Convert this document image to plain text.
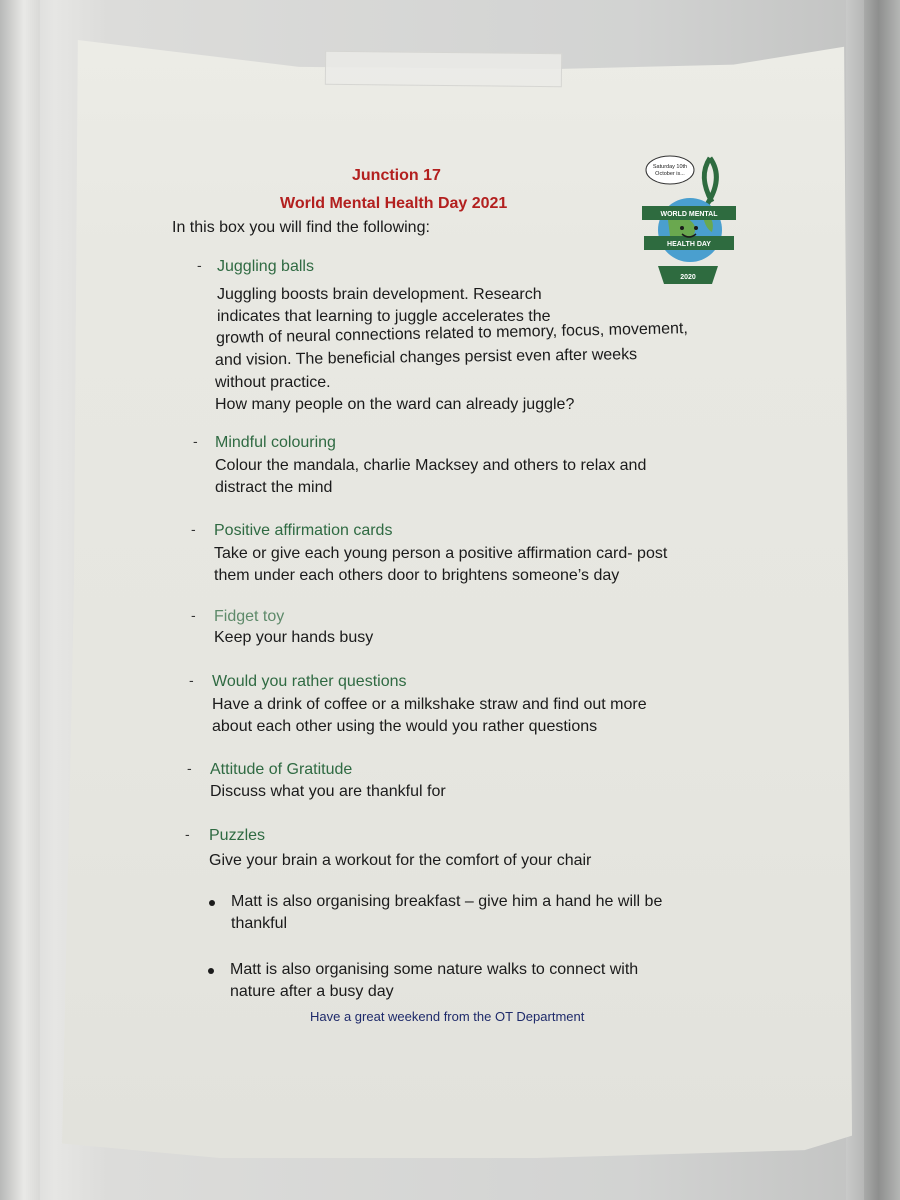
Junction 17
World Mental Health Day 2021
In this box you will find the following:
Saturday 10th
October is...
WORLD MENTAL
HEALTH DAY
2020
- Juggling balls
Juggling boosts brain development. Research
indicates that learning to juggle accelerates the
growth of neural connections related to memory, focus, movement,
and vision. The beneficial changes persist even after weeks
without practice.
How many people on the ward can already juggle?
- Mindful colouring
Colour the mandala, charlie Macksey and others to relax and
distract the mind
- Positive affirmation cards
Take or give each young person a positive affirmation card- post
them under each others door to brightens someone’s day
- Fidget toy
Keep your hands busy
- Would you rather questions
Have a drink of coffee or a milkshake straw and find out more
about each other using the would you rather questions
- Attitude of Gratitude
Discuss what you are thankful for
- Puzzles
Give your brain a workout for the comfort of your chair
Matt is also organising breakfast – give him a hand he will be
thankful
Matt is also organising some nature walks to connect with
nature after a busy day
Have a great weekend from the OT Department
